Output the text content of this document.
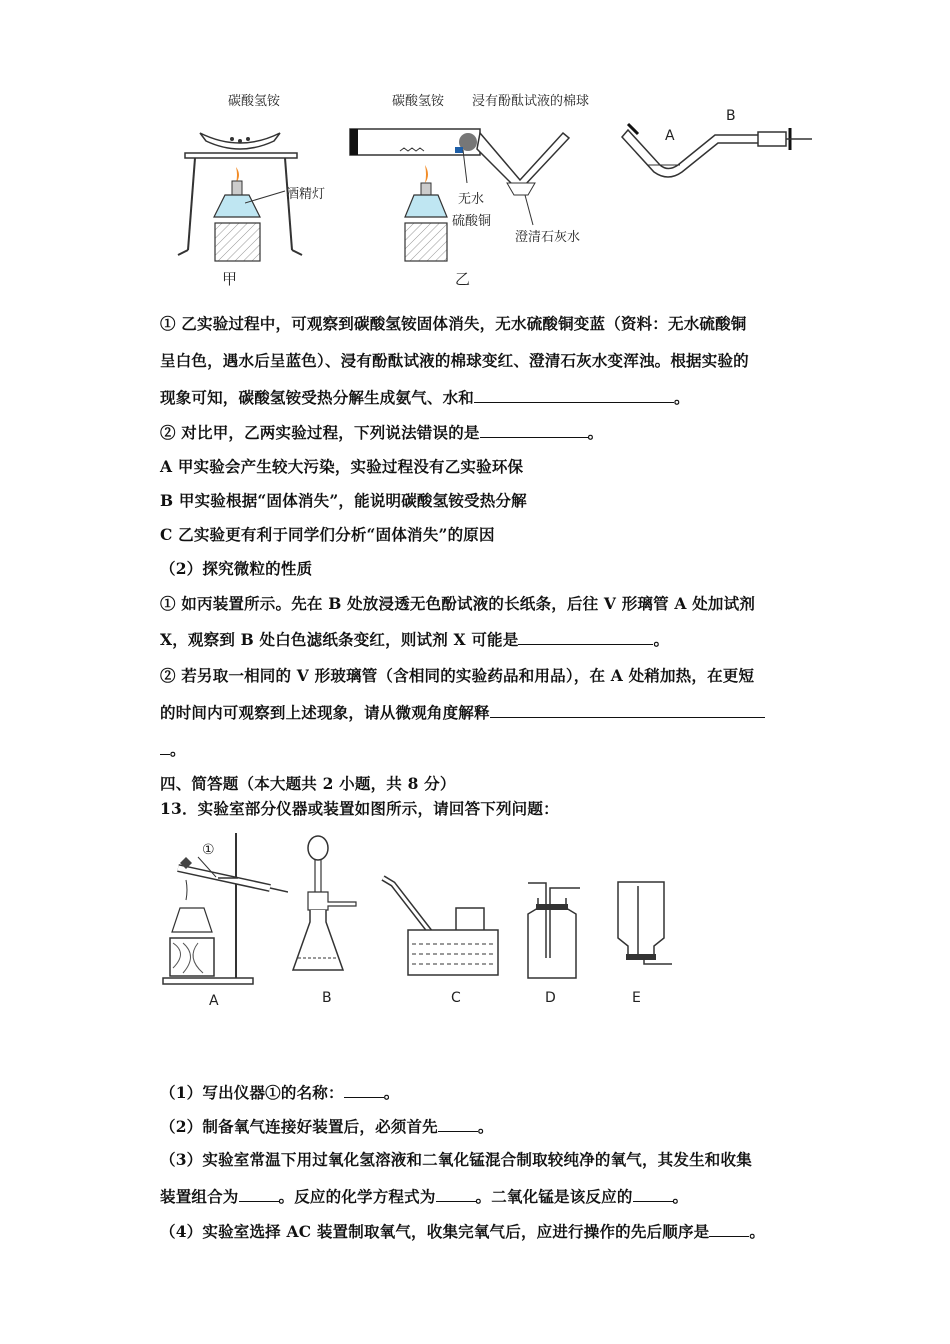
碳酸氢铵
酒精灯
甲
碳酸氢铵 浸有酚酞试液的棉球
无水
硫酸铜
澄清石灰水
乙
A
B
① 乙实验过程中，可观察到碳酸氢铵固体消失，无水硫酸铜变蓝（资料：无水硫酸铜
呈白色，遇水后呈蓝色）、浸有酚酞试液的棉球变红、澄清石灰水变浑浊。根据实验的
现象可知，碳酸氢铵受热分解生成氨气、水和	。
② 对比甲，乙两实验过程，下列说法错误的是	。
A 甲实验会产生较大污染，实验过程没有乙实验环保
B 甲实验根据“固体消失”，能说明碳酸氢铵受热分解
C 乙实验更有利于同学们分析“固体消失”的原因
（2）探究微粒的性质
① 如丙装置所示。先在 B 处放浸透无色酚试液的长纸条，后往 V 形璃管 A 处加试剂
X，观察到 B 处白色滤纸条变红，则试剂 X 可能是	。
② 若另取一相同的 V 形玻璃管（含相同的实验药品和用品），在 A 处稍加热，在更短
的时间内可观察到上述现象，请从微观角度解释
。
四、简答题（本大题共 2 小题，共 8 分）
13．实验室部分仪器或装置如图所示，请回答下列问题：
①
A	B	C	D	E
（1）写出仪器①的名称：	。
（2）制备氧气连接好装置后，必须首先	。
（3）实验室常温下用过氧化氢溶液和二氧化锰混合制取较纯净的氧气，其发生和收集
装置组合为	。反应的化学方程式为	。二氧化锰是该反应的	。
（4）实验室选择 AC 装置制取氧气，收集完氧气后，应进行操作的先后顺序是	。
